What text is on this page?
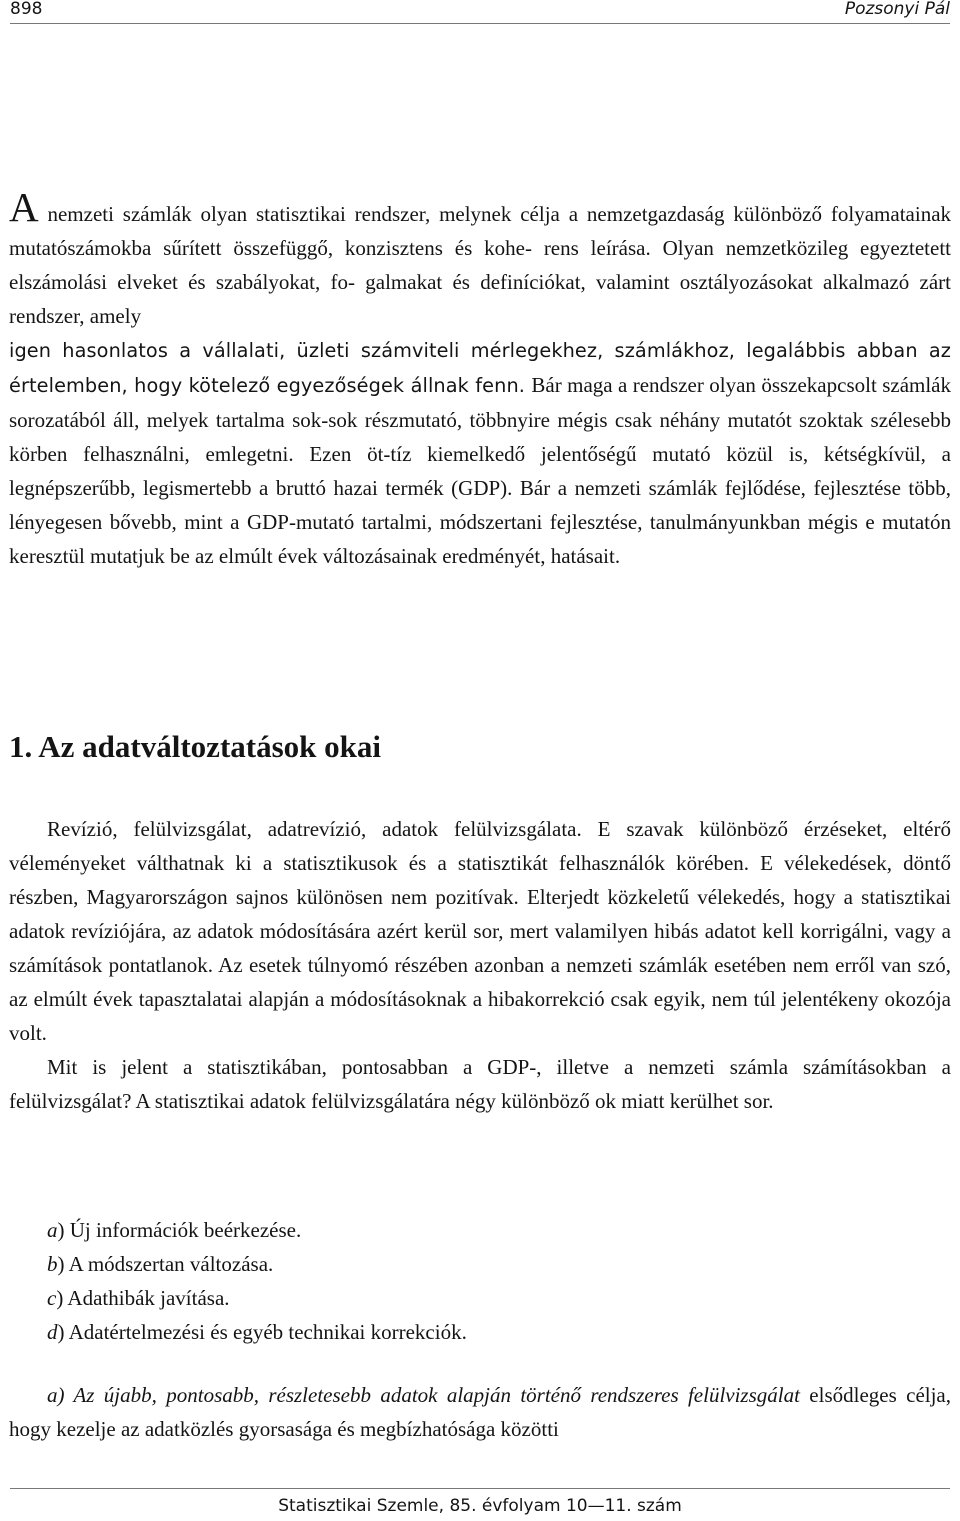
898	Pozsonyi Pál

A nemzeti számlák olyan statisztikai rendszer, melynek célja a nemzetgazdaság különböző folyamatainak mutatószámokba sűrített összefüggő, konzisztens és kohe- rens leírása. Olyan nemzetközileg egyeztetett elszámolási elveket és szabályokat, fo- galmakat és definíciókat, valamint osztályozásokat alkalmazó zárt rendszer, amely

igen hasonlatos a vállalati, üzleti számviteli mérlegekhez, számlákhoz, legalábbis abban az értelemben, hogy kötelező egyezőségek állnak fenn. Bár maga a rendszer olyan összekapcsolt számlák sorozatából áll, melyek tartalma sok-sok részmutató, többnyire mégis csak néhány mutatót szoktak szélesebb körben felhasználni, emlegetni. Ezen öt-tíz kiemelkedő jelentőségű mutató közül is, kétségkívül, a legnépszerűbb, legismertebb a bruttó hazai termék (GDP). Bár a nemzeti számlák fejlődése, fejlesztése több, lényegesen bővebb, mint a GDP-mutató tartalmi, módszertani fejlesztése, tanulmányunkban mégis e mutatón keresztül mutatjuk be az elmúlt évek változásainak eredményét, hatásait.
1. Az adatváltoztatások okai

Revízió, felülvizsgálat, adatrevízió, adatok felülvizsgálata. E szavak különböző érzéseket, eltérő véleményeket válthatnak ki a statisztikusok és a statisztikát felhasználók körében. E vélekedések, döntő részben, Magyarországon sajnos különösen nem pozitívak. Elterjedt közkeletű vélekedés, hogy a statisztikai adatok revíziójára, az adatok módosítására azért kerül sor, mert valamilyen hibás adatot kell korrigálni, vagy a számítások pontatlanok. Az esetek túlnyomó részében azonban a nemzeti számlák esetében nem erről van szó, az elmúlt évek tapasztalatai alapján a módosításoknak a hibakorrekció csak egyik, nem túl jelentékeny okozója volt.

Mit is jelent a statisztikában, pontosabban a GDP-, illetve a nemzeti számla számításokban a felülvizsgálat? A statisztikai adatok felülvizsgálatára négy különböző ok miatt kerülhet sor.

a) Új információk beérkezése.
b) A módszertan változása.
c) Adathibák javítása.
d) Adatértelmezési és egyéb technikai korrekciók.

a) Az újabb, pontosabb, részletesebb adatok alapján történő rendszeres felülvizsgálat elsődleges célja, hogy kezelje az adatközlés gyorsasága és megbízhatósága közötti

Statisztikai Szemle, 85. évfolyam 10—11. szám
